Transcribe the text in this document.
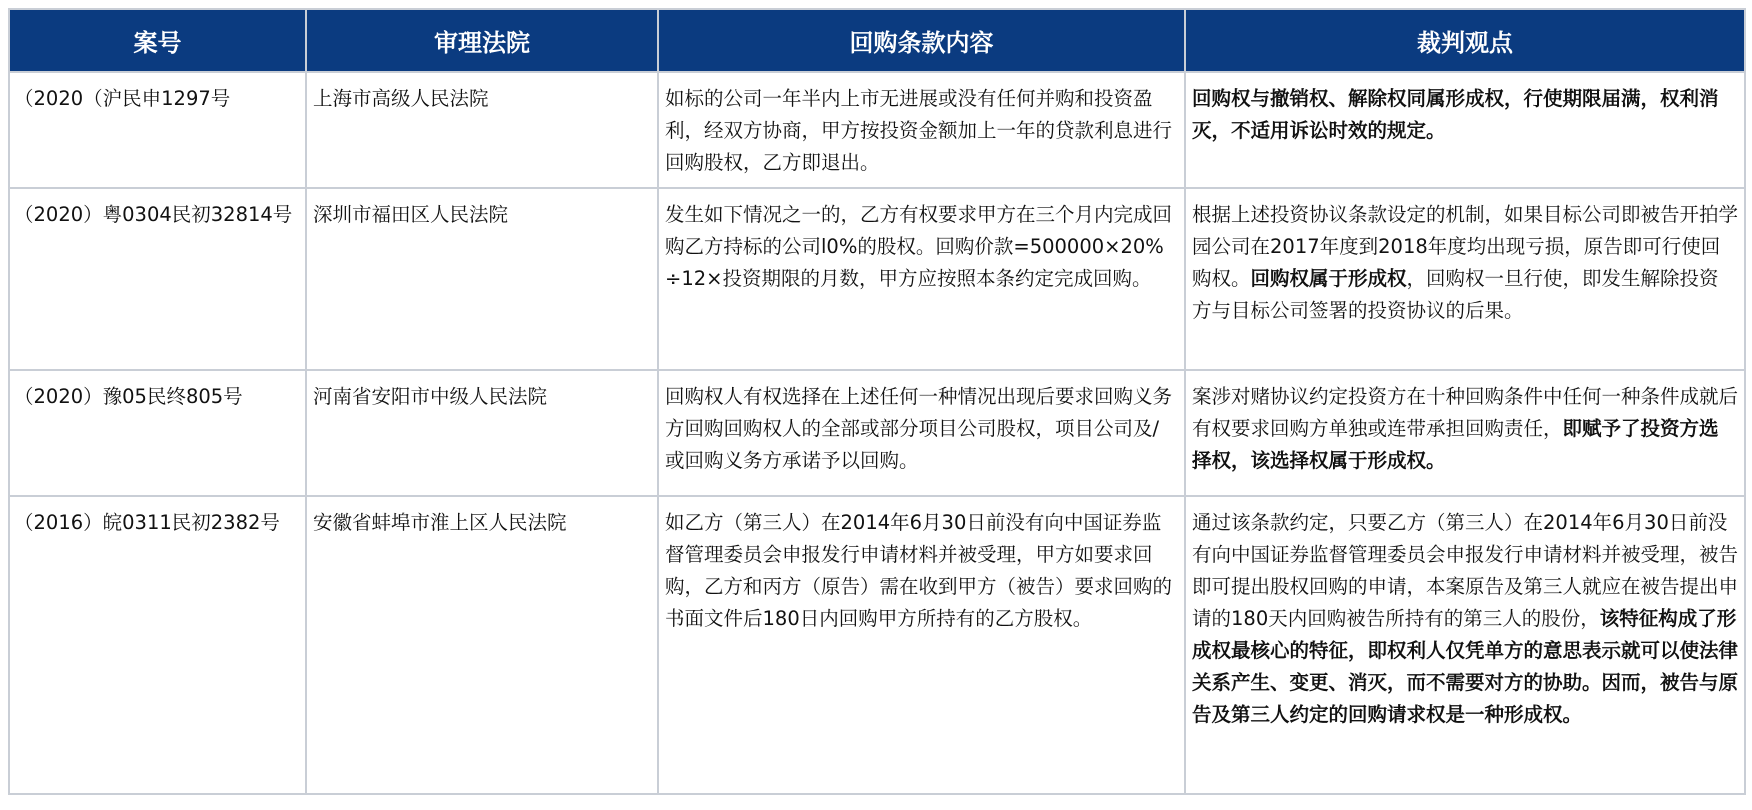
案号	审理法院	回购条款内容	裁判观点
（2020（沪民申1297号	上海市高级人民法院	如标的公司一年半内上市无进展或没有任何并购和投资盈利，经双方协商，甲方按投资金额加上一年的贷款利息进行回购股权，乙方即退出。	回购权与撤销权、解除权同属形成权，行使期限届满，权利消灭，不适用诉讼时效的规定。
（2020）粤0304民初32814号	深圳市福田区人民法院	发生如下情况之一的，乙方有权要求甲方在三个月内完成回购乙方持标的公司l0%的股权。回购价款=500000×20%÷12×投资期限的月数，甲方应按照本条约定完成回购。	根据上述投资协议条款设定的机制，如果目标公司即被告开拍学园公司在2017年度到2018年度均出现亏损，原告即可行使回购权。回购权属于形成权，回购权一旦行使，即发生解除投资方与目标公司签署的投资协议的后果。
（2020）豫05民终805号	河南省安阳市中级人民法院	回购权人有权选择在上述任何一种情况出现后要求回购义务方回购回购权人的全部或部分项目公司股权，项目公司及/或回购义务方承诺予以回购。	案涉对赌协议约定投资方在十种回购条件中任何一种条件成就后有权要求回购方单独或连带承担回购责任，即赋予了投资方选择权，该选择权属于形成权。
（2016）皖0311民初2382号	安徽省蚌埠市淮上区人民法院	如乙方（第三人）在2014年6月30日前没有向中国证券监督管理委员会申报发行申请材料并被受理，甲方如要求回购，乙方和丙方（原告）需在收到甲方（被告）要求回购的书面文件后180日内回购甲方所持有的乙方股权。	通过该条款约定，只要乙方（第三人）在2014年6月30日前没有向中国证券监督管理委员会申报发行申请材料并被受理，被告即可提出股权回购的申请，本案原告及第三人就应在被告提出申请的180天内回购被告所持有的第三人的股份，该特征构成了形成权最核心的特征，即权利人仅凭单方的意思表示就可以使法律关系产生、变更、消灭，而不需要对方的协助。因而，被告与原告及第三人约定的回购请求权是一种形成权。
